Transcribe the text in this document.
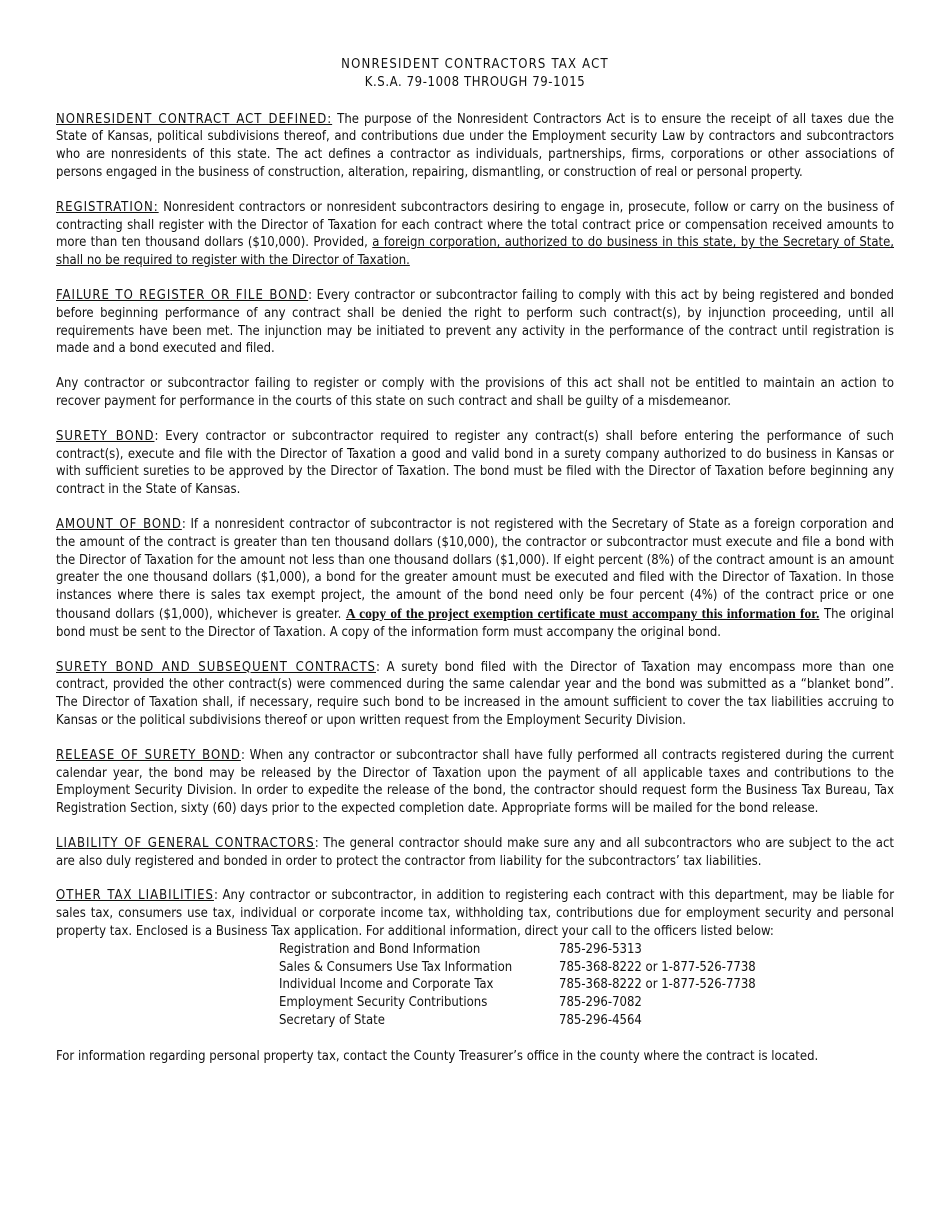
NONRESIDENT CONTRACTORS TAX ACT

K.S.A. 79-1008 THROUGH 79-1015

NONRESIDENT CONTRACT ACT DEFINED: The purpose of the Nonresident Contractors Act is to ensure the receipt of all taxes due the State of Kansas, political subdivisions thereof, and contributions due under the Employment security Law by contractors and subcontractors who are nonresidents of this state. The act defines a contractor as individuals, partnerships, firms, corporations or other associations of persons engaged in the business of construction, alteration, repairing, dismantling, or construction of real or personal property.

REGISTRATION: Nonresident contractors or nonresident subcontractors desiring to engage in, prosecute, follow or carry on the business of contracting shall register with the Director of Taxation for each contract where the total contract price or compensation received amounts to more than ten thousand dollars ($10,000). Provided, a foreign corporation, authorized to do business in this state, by the Secretary of State, shall no be required to register with the Director of Taxation.

FAILURE TO REGISTER OR FILE BOND: Every contractor or subcontractor failing to comply with this act by being registered and bonded before beginning performance of any contract shall be denied the right to perform such contract(s), by injunction proceeding, until all requirements have been met. The injunction may be initiated to prevent any activity in the performance of the contract until registration is made and a bond executed and filed.

Any contractor or subcontractor failing to register or comply with the provisions of this act shall not be entitled to maintain an action to recover payment for performance in the courts of this state on such contract and shall be guilty of a misdemeanor.

SURETY BOND: Every contractor or subcontractor required to register any contract(s) shall before entering the performance of such contract(s), execute and file with the Director of Taxation a good and valid bond in a surety company authorized to do business in Kansas or with sufficient sureties to be approved by the Director of Taxation. The bond must be filed with the Director of Taxation before beginning any contract in the State of Kansas.

AMOUNT OF BOND: If a nonresident contractor of subcontractor is not registered with the Secretary of State as a foreign corporation and the amount of the contract is greater than ten thousand dollars ($10,000), the contractor or subcontractor must execute and file a bond with the Director of Taxation for the amount not less than one thousand dollars ($1,000). If eight percent (8%) of the contract amount is an amount greater the one thousand dollars ($1,000), a bond for the greater amount must be executed and filed with the Director of Taxation. In those instances where there is sales tax exempt project, the amount of the bond need only be four percent (4%) of the contract price or one thousand dollars ($1,000), whichever is greater. A copy of the project exemption certificate must accompany this information for. The original bond must be sent to the Director of Taxation. A copy of the information form must accompany the original bond.

SURETY BOND AND SUBSEQUENT CONTRACTS: A surety bond filed with the Director of Taxation may encompass more than one contract, provided the other contract(s) were commenced during the same calendar year and the bond was submitted as a “blanket bond”. The Director of Taxation shall, if necessary, require such bond to be increased in the amount sufficient to cover the tax liabilities accruing to Kansas or the political subdivisions thereof or upon written request from the Employment Security Division.

RELEASE OF SURETY BOND: When any contractor or subcontractor shall have fully performed all contracts registered during the current calendar year, the bond may be released by the Director of Taxation upon the payment of all applicable taxes and contributions to the Employment Security Division. In order to expedite the release of the bond, the contractor should request form the Business Tax Bureau, Tax Registration Section, sixty (60) days prior to the expected completion date. Appropriate forms will be mailed for the bond release.

LIABILITY OF GENERAL CONTRACTORS: The general contractor should make sure any and all subcontractors who are subject to the act are also duly registered and bonded in order to protect the contractor from liability for the subcontractors’ tax liabilities.

OTHER TAX LIABILITIES: Any contractor or subcontractor, in addition to registering each contract with this department, may be liable for sales tax, consumers use tax, individual or corporate income tax, withholding tax, contributions due for employment security and personal property tax. Enclosed is a Business Tax application. For additional information, direct your call to the officers listed below:

Registration and Bond Information	785-296-5313
Sales & Consumers Use Tax Information	785-368-8222 or 1-877-526-7738
Individual Income and Corporate Tax	785-368-8222 or 1-877-526-7738
Employment Security Contributions	785-296-7082
Secretary of State	785-296-4564

For information regarding personal property tax, contact the County Treasurer’s office in the county where the contract is located.
